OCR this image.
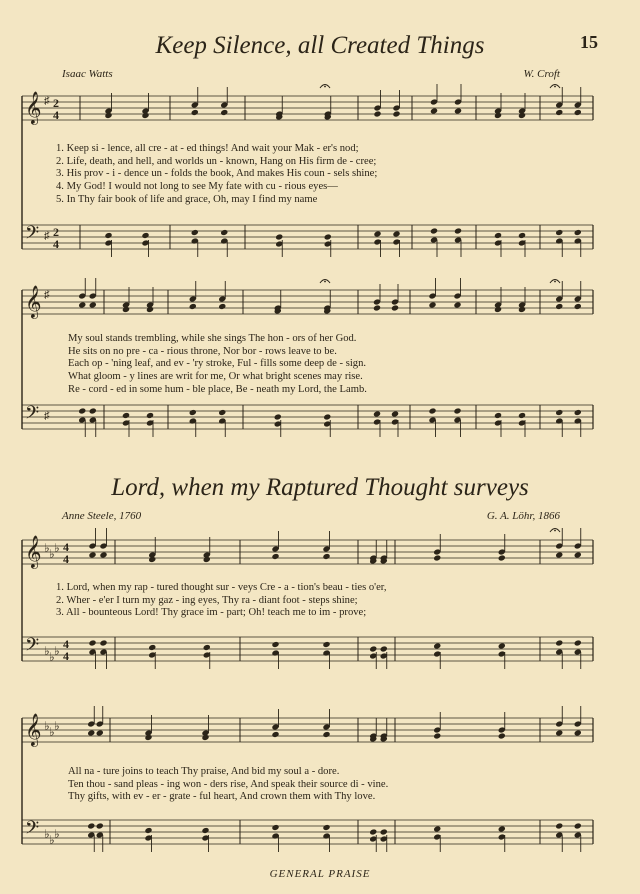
15
Keep Silence, all Created Things
Isaac Watts	W. Croft
Lord, when my Raptured Thought surveys
Anne Steele, 1760	G. A. Löhr, 1866
𝄞
𝄢
♯
♯
2
4
2
4
𝄞
𝄢
♯
♯
𝄞
𝄢
♭
♭
♭
♭
♭
♭
4
4
4
4
𝄞
𝄢
♭
♭
♭
♭
♭
♭
1. Keep si - lence, all cre - at - ed things! And wait your Mak - er's nod;
2. Life, death, and hell, and worlds un - known, Hang on His firm de - cree;
3. His prov - i - dence un - folds the book, And makes His coun - sels shine;
4. My God! I would not long to see My fate with cu - rious eyes—
5. In Thy fair book of life and grace, Oh, may I find my name
My soul stands trembling, while she sings The hon - ors of her God.
He sits on no pre - ca - rious throne, Nor bor - rows leave to be.
Each op - 'ning leaf, and ev - 'ry stroke, Ful - fills some deep de - sign.
What gloom - y lines are writ for me, Or what bright scenes may rise.
Re - cord - ed in some hum - ble place, Be - neath my Lord, the Lamb.
1. Lord, when my rap - tured thought sur - veys Cre - a - tion's beau - ties o'er,
2. Wher - e'er I turn my gaz - ing eyes, Thy ra - diant foot - steps shine;
3. All - bounteous Lord! Thy grace im - part; Oh! teach me to im - prove;
All na - ture joins to teach Thy praise, And bid my soul a - dore.
Ten thou - sand pleas - ing won - ders rise, And speak their source di - vine.
Thy gifts, with ev - er - grate - ful heart, And crown them with Thy love.
GENERAL PRAISE
